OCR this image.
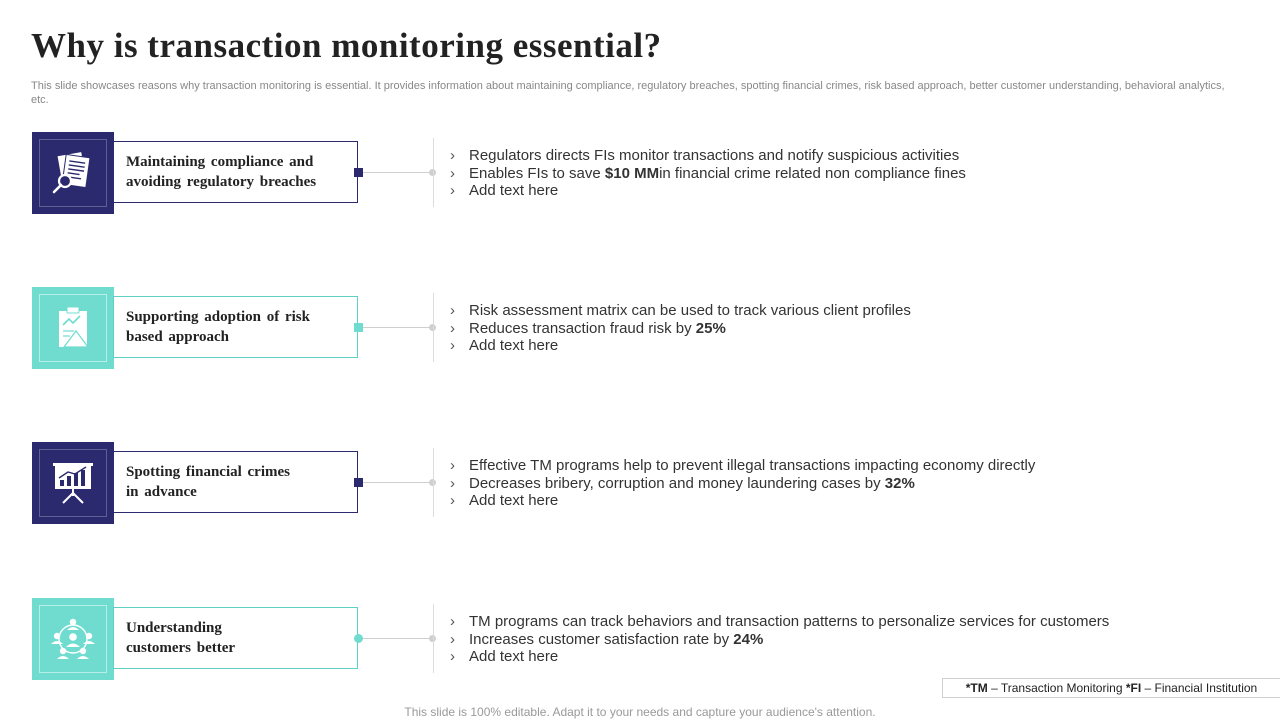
Why is transaction monitoring essential?

This slide showcases reasons why transaction monitoring is essential. It provides information about maintaining compliance, regulatory breaches, spotting financial crimes, risk based approach, better customer understanding, behavioral analytics, etc.

Maintaining compliance and
avoiding regulatory breaches
› Regulators directs FIs monitor transactions and notify suspicious activities
› Enables FIs to save
$10 MM in financial crime related non compliance fines
› Add text here
Supporting adoption of risk
based approach
› Risk assessment matrix can be used to track various client profiles
› Reduces transaction fraud risk by
25%
› Add text here
Spotting financial crimes
in advance
› Effective TM programs help to prevent illegal transactions impacting economy directly
› Decreases bribery, corruption and money laundering cases by
32%
› Add text here
Understanding
customers better
› TM programs can track behaviors and transaction patterns to personalize services for customers
› Increases customer satisfaction rate by
24%
› Add text here
*TM – Transaction Monitoring *FI – Financial Institution
This slide is 100% editable. Adapt it to your needs and capture your audience's attention.
